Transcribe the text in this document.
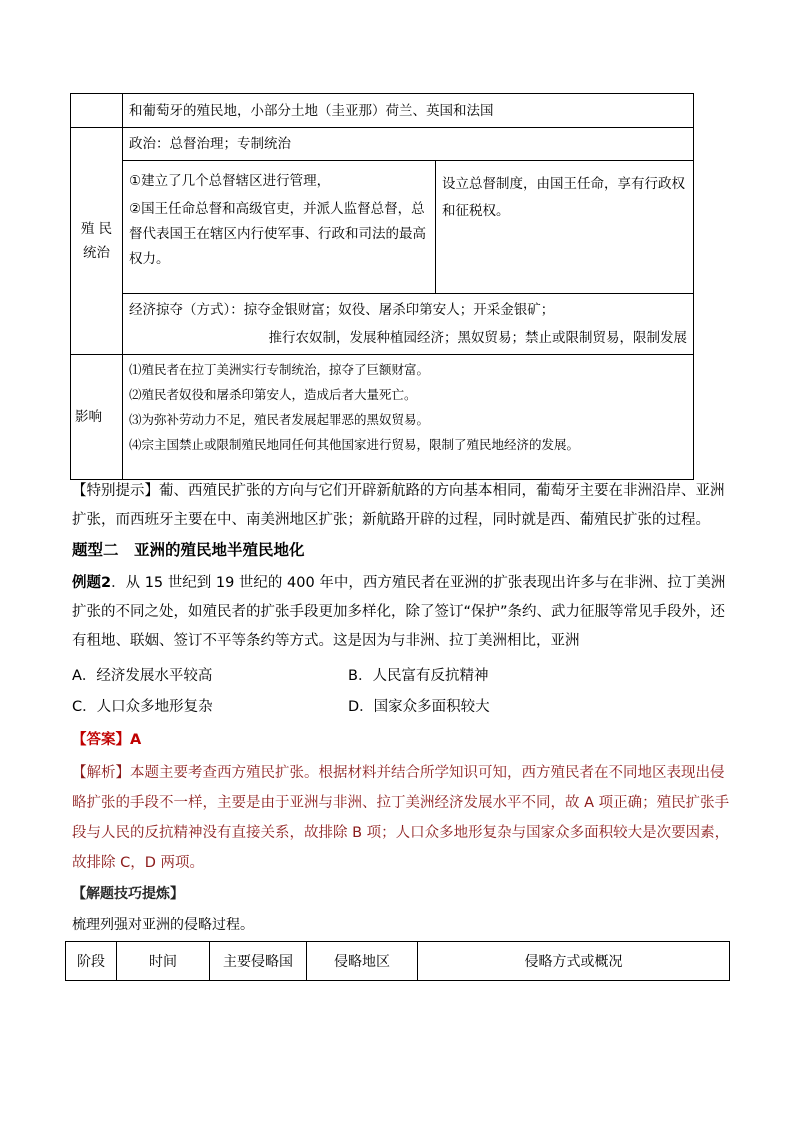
	和葡萄牙的殖民地，小部分土地（圭亚那）荷兰、英国和法国	

殖 民
统治	政治：总督治理；专制统治	

	①建立了几个总督辖区进行管理，
②国王任命总督和高级官吏，并派人监督总督，总督代表国王在辖区内行使军事、行政和司法的最高权力。	设立总督制度，由国王任命，享有行政权和征税权。

	经济掠夺（方式）：掠夺金银财富；奴役、屠杀印第安人；开采金银矿；
推行农奴制，发展种植园经济；黑奴贸易；禁止或限制贸易，限制发展	

影响	⑴殖民者在拉丁美洲实行专制统治，掠夺了巨额财富。
⑵殖民者奴役和屠杀印第安人，造成后者大量死亡。
⑶为弥补劳动力不足，殖民者发展起罪恶的黑奴贸易。
⑷宗主国禁止或限制殖民地同任何其他国家进行贸易，限制了殖民地经济的发展。	
【特别提示】葡、西殖民扩张的方向与它们开辟新航路的方向基本相同，葡萄牙主要在非洲沿岸、亚洲扩张，而西班牙主要在中、南美洲地区扩张；新航路开辟的过程，同时就是西、葡殖民扩张的过程。
题型二　亚洲的殖民地半殖民地化
例题2．从 15 世纪到 19 世纪的 400 年中，西方殖民者在亚洲的扩张表现出许多与在非洲、拉丁美洲扩张的不同之处，如殖民者的扩张手段更加多样化，除了签订“保护”条约、武力征服等常见手段外，还有租地、联姻、签订不平等条约等方式。这是因为与非洲、拉丁美洲相比，亚洲
A．经济发展水平较高	B．人民富有反抗精神
C．人口众多地形复杂	D．国家众多面积较大
【答案】A
【解析】本题主要考查西方殖民扩张。根据材料并结合所学知识可知，西方殖民者在不同地区表现出侵略扩张的手段不一样，主要是由于亚洲与非洲、拉丁美洲经济发展水平不同，故 A 项正确；殖民扩张手段与人民的反抗精神没有直接关系，故排除 B 项；人口众多地形复杂与国家众多面积较大是次要因素，故排除 C，D 两项。
【解题技巧提炼】
梳理列强对亚洲的侵略过程。
阶段	时间	主要侵略国	侵略地区	侵略方式或概况
